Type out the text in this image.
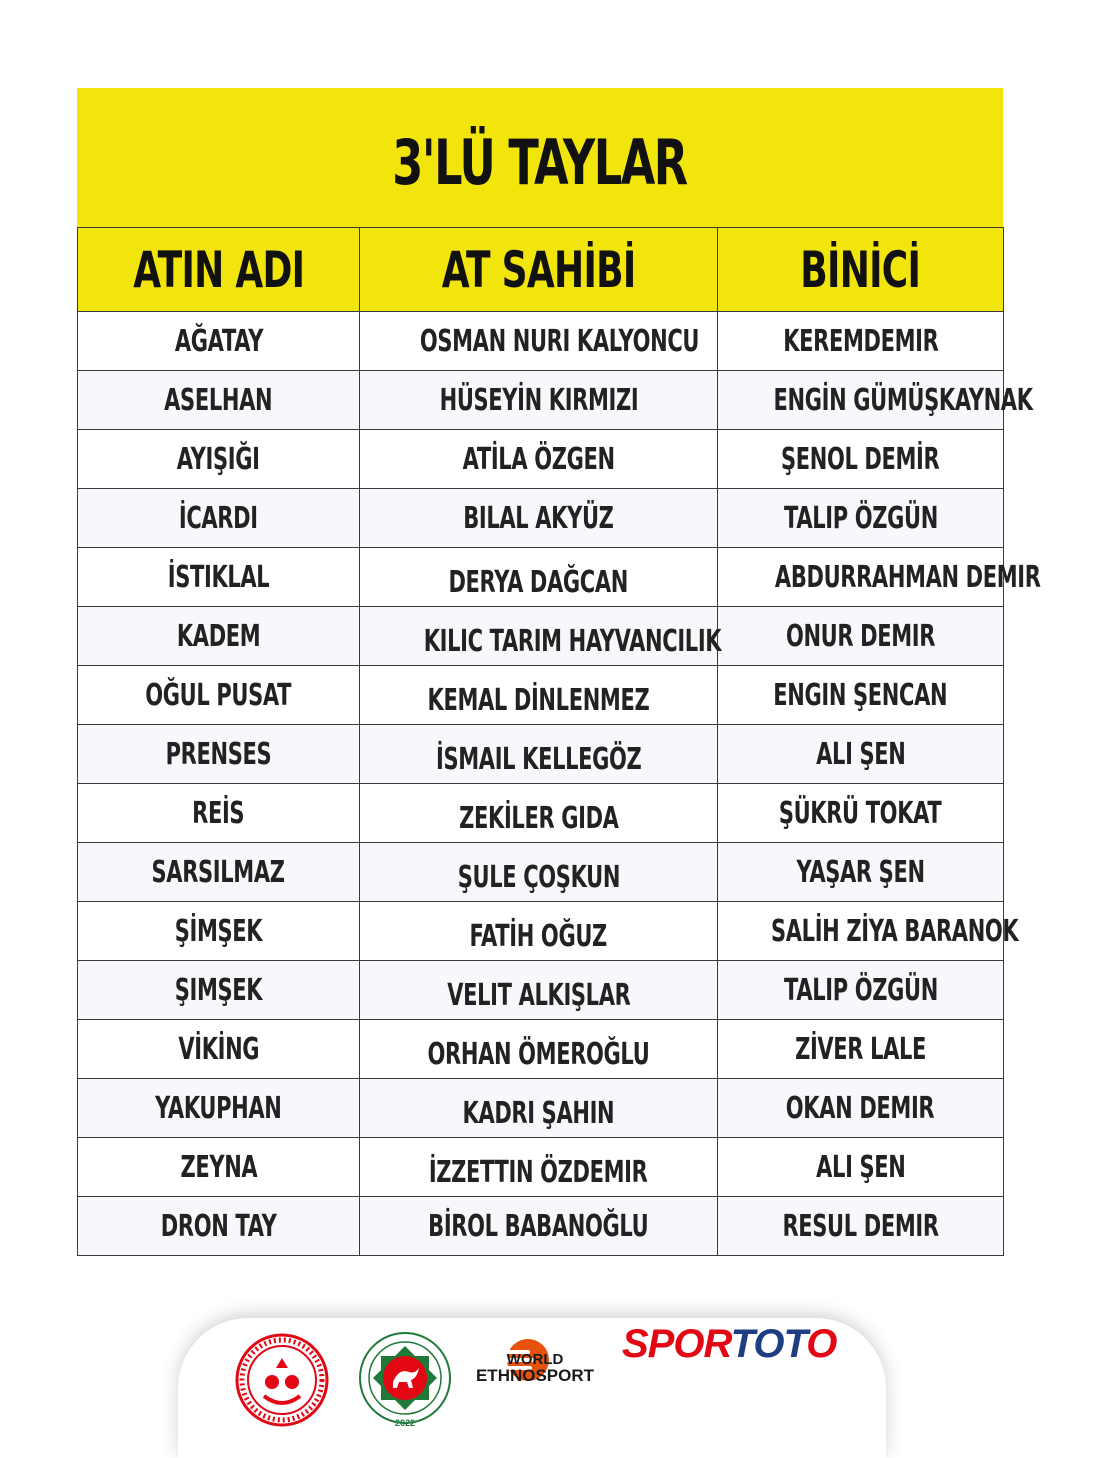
3'LÜ TAYLAR
ATIN ADI	AT SAHİBİ	BİNİCİ
AĞATAY	OSMAN NURI KALYONCU	KEREMDEMIR
ASELHAN	HÜSEYİN KIRMIZI	ENGİN GÜMÜŞKAYNAK
AYIŞIĞI	ATİLA ÖZGEN	ŞENOL DEMİR
İCARDI	BILAL AKYÜZ	TALIP ÖZGÜN
İSTIKLAL	DERYA DAĞCAN	ABDURRAHMAN DEMIR
KADEM	KILIC TARIM HAYVANCILIK	ONUR DEMIR
OĞUL PUSAT	KEMAL DİNLENMEZ	ENGIN ŞENCAN
PRENSES	İSMAIL KELLEGÖZ	ALI ŞEN
REİS	ZEKİLER GIDA	ŞÜKRÜ TOKAT
SARSILMAZ	ŞULE ÇOŞKUN	YAŞAR ŞEN
ŞİMŞEK	FATİH OĞUZ	SALİH ZİYA BARANOK
ŞIMŞEK	VELIT ALKIŞLAR	TALIP ÖZGÜN
VİKİNG	ORHAN ÖMEROĞLU	ZİVER LALE
YAKUPHAN	KADRI ŞAHIN	OKAN DEMIR
ZEYNA	İZZETTIN ÖZDEMIR	ALI ŞEN
DRON TAY	BİROL BABANOĞLU	RESUL DEMIR
2022
WORLD
ETHNOSPORT
SPORTOTO
